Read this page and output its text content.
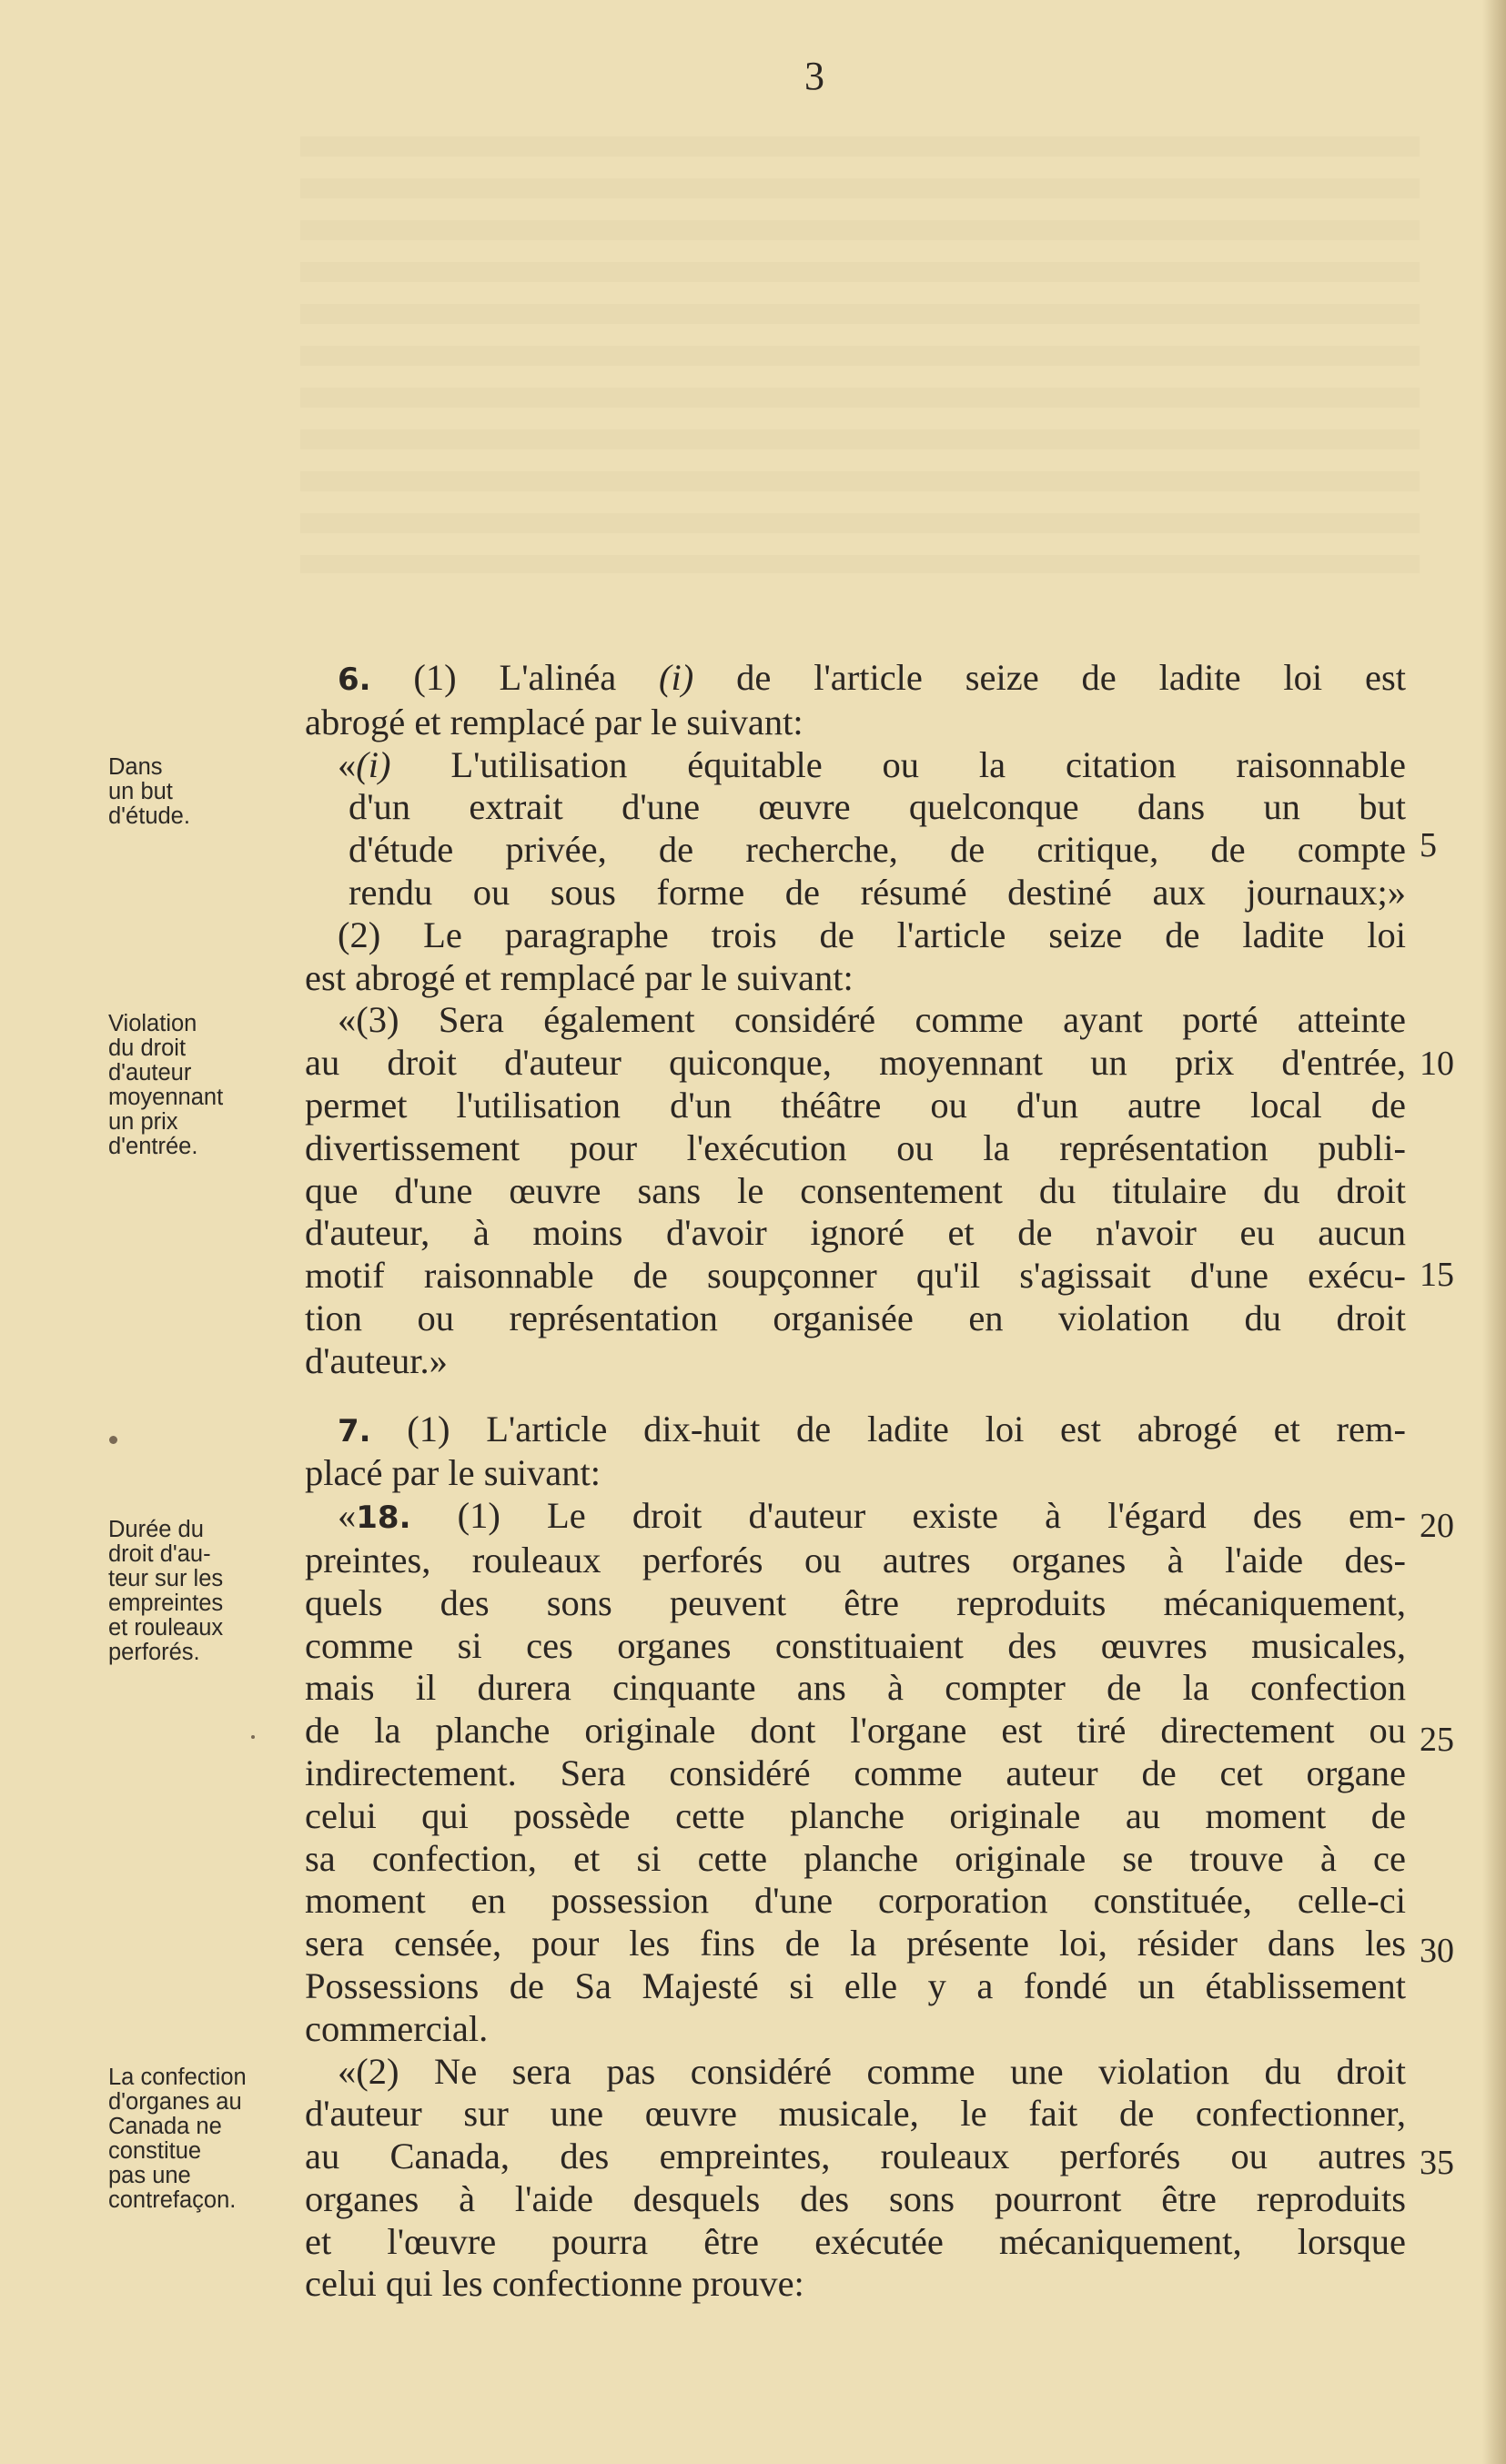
3
Dans
un but
d'étude.
Violation
du droit
d'auteur
moyennant
un prix
d'entrée.
Durée du
droit d'au-
teur sur les
empreintes
et rouleaux
perforés.
La confection
d'organes au
Canada ne
constitue
pas une
contrefaçon.
6. (1) L'alinéa (i) de l'article seize de ladite loi est
abrogé et remplacé par le suivant:
«(i) L'utilisation équitable ou la citation raisonnable
d'un extrait d'une œuvre quelconque dans un but
d'étude privée, de recherche, de critique, de compte
rendu ou sous forme de résumé destiné aux journaux;»
(2) Le paragraphe trois de l'article seize de ladite loi
est abrogé et remplacé par le suivant:
«(3) Sera également considéré comme ayant porté atteinte
au droit d'auteur quiconque, moyennant un prix d'entrée,
permet l'utilisation d'un théâtre ou d'un autre local de
divertissement pour l'exécution ou la représentation publi-
que d'une œuvre sans le consentement du titulaire du droit
d'auteur, à moins d'avoir ignoré et de n'avoir eu aucun
motif raisonnable de soupçonner qu'il s'agissait d'une exécu-
tion ou représentation organisée en violation du droit
d'auteur.»
7. (1) L'article dix-huit de ladite loi est abrogé et rem-
placé par le suivant:
«18. (1) Le droit d'auteur existe à l'égard des em-
preintes, rouleaux perforés ou autres organes à l'aide des-
quels des sons peuvent être reproduits mécaniquement,
comme si ces organes constituaient des œuvres musicales,
mais il durera cinquante ans à compter de la confection
de la planche originale dont l'organe est tiré directement ou
indirectement. Sera considéré comme auteur de cet organe
celui qui possède cette planche originale au moment de
sa confection, et si cette planche originale se trouve à ce
moment en possession d'une corporation constituée, celle-ci
sera censée, pour les fins de la présente loi, résider dans les
Possessions de Sa Majesté si elle y a fondé un établissement
commercial.
«(2) Ne sera pas considéré comme une violation du droit
d'auteur sur une œuvre musicale, le fait de confectionner,
au Canada, des empreintes, rouleaux perforés ou autres
organes à l'aide desquels des sons pourront être reproduits
et l'œuvre pourra être exécutée mécaniquement, lorsque
celui qui les confectionne prouve:
5
10
15
20
25
30
35
